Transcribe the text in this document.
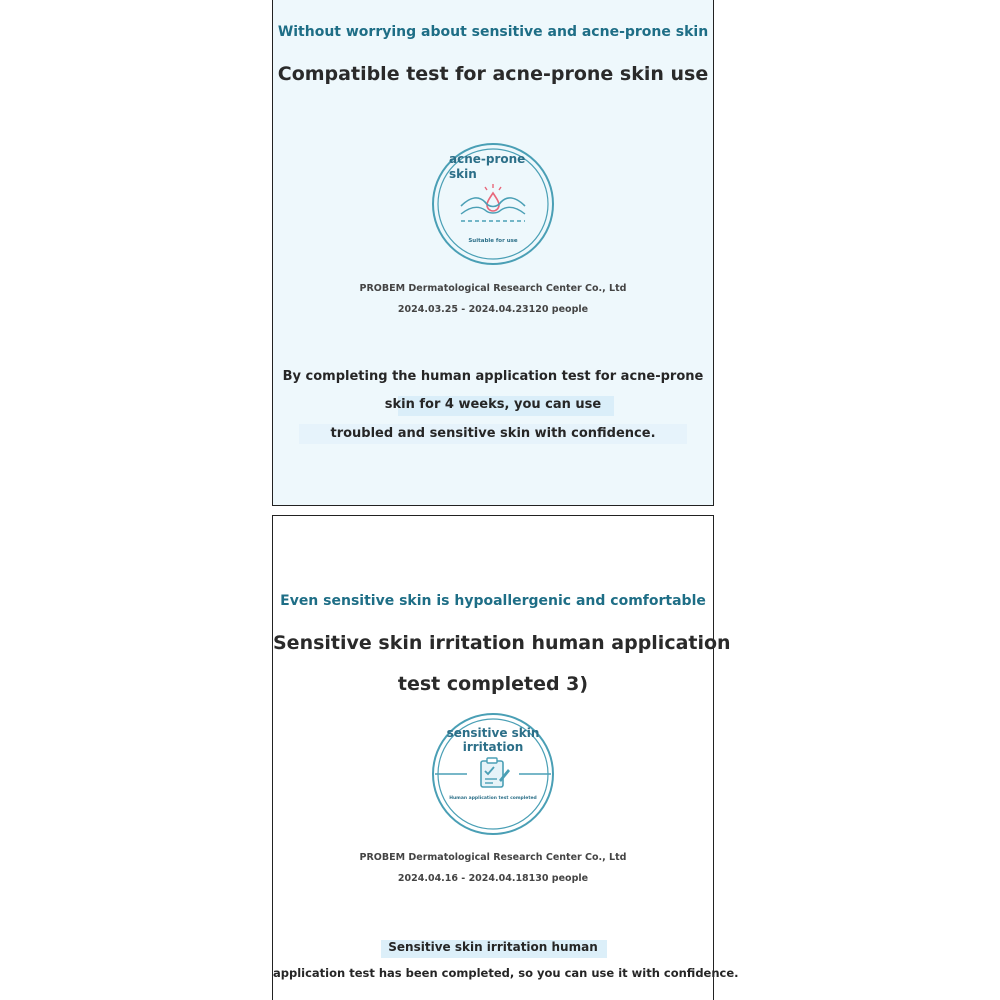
Without worrying about sensitive and acne-prone skin
Compatible test for acne-prone skin use
acne-prone
skin
Suitable for use
PROBEM Dermatological Research Center Co., Ltd
2024.03.25 - 2024.04.23120 people
By completing the human application test for acne-prone
skin for 4 weeks, you can use
troubled and sensitive skin with confidence.
Even sensitive skin is hypoallergenic and comfortable
Sensitive skin irritation human application
test completed 3)
sensitive skin
irritation
Human application test completed
PROBEM Dermatological Research Center Co., Ltd
2024.04.16 - 2024.04.18130 people
Sensitive skin irritation human
application test has been completed, so you can use it with confidence.
